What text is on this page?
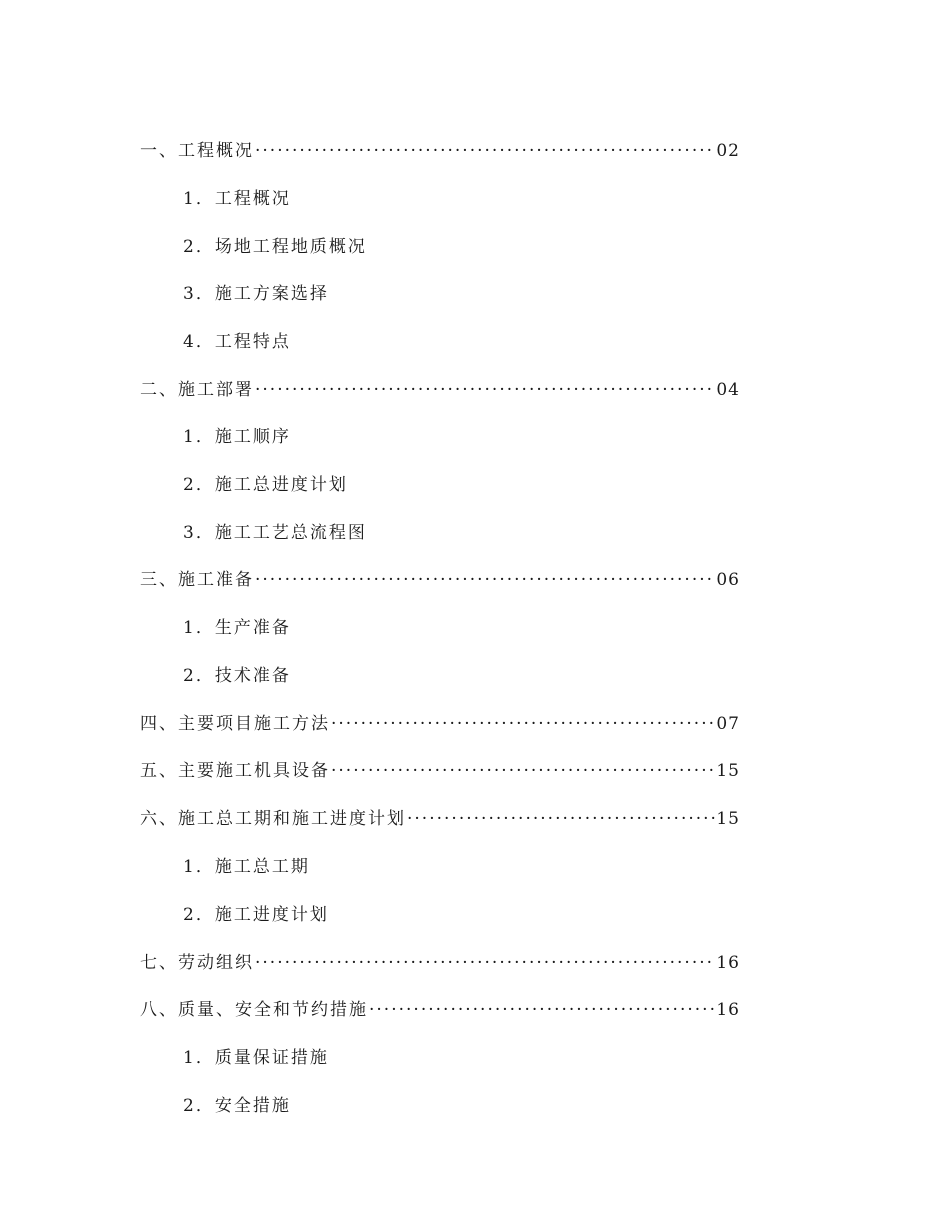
一、 工程概况 ·····	02
1． 工程概况
2． 场地工程地质概况
3． 施工方案选择
4． 工程特点
二、 施工部署 ·····	04
1． 施工顺序
2． 施工总进度计划
3． 施工工艺总流程图
三、 施工准备 ·····	06
1． 生产准备
2． 技术准备
四、 主要项目施工方法 ·····	07
五、 主要施工机具设备 ·····	15
六、 施工总工期和施工进度计划 ·····	15
1． 施工总工期
2． 施工进度计划
七、 劳动组织 ·····	16
八、 质量、安全和节约措施 ·····	16
1． 质量保证措施
2． 安全措施
